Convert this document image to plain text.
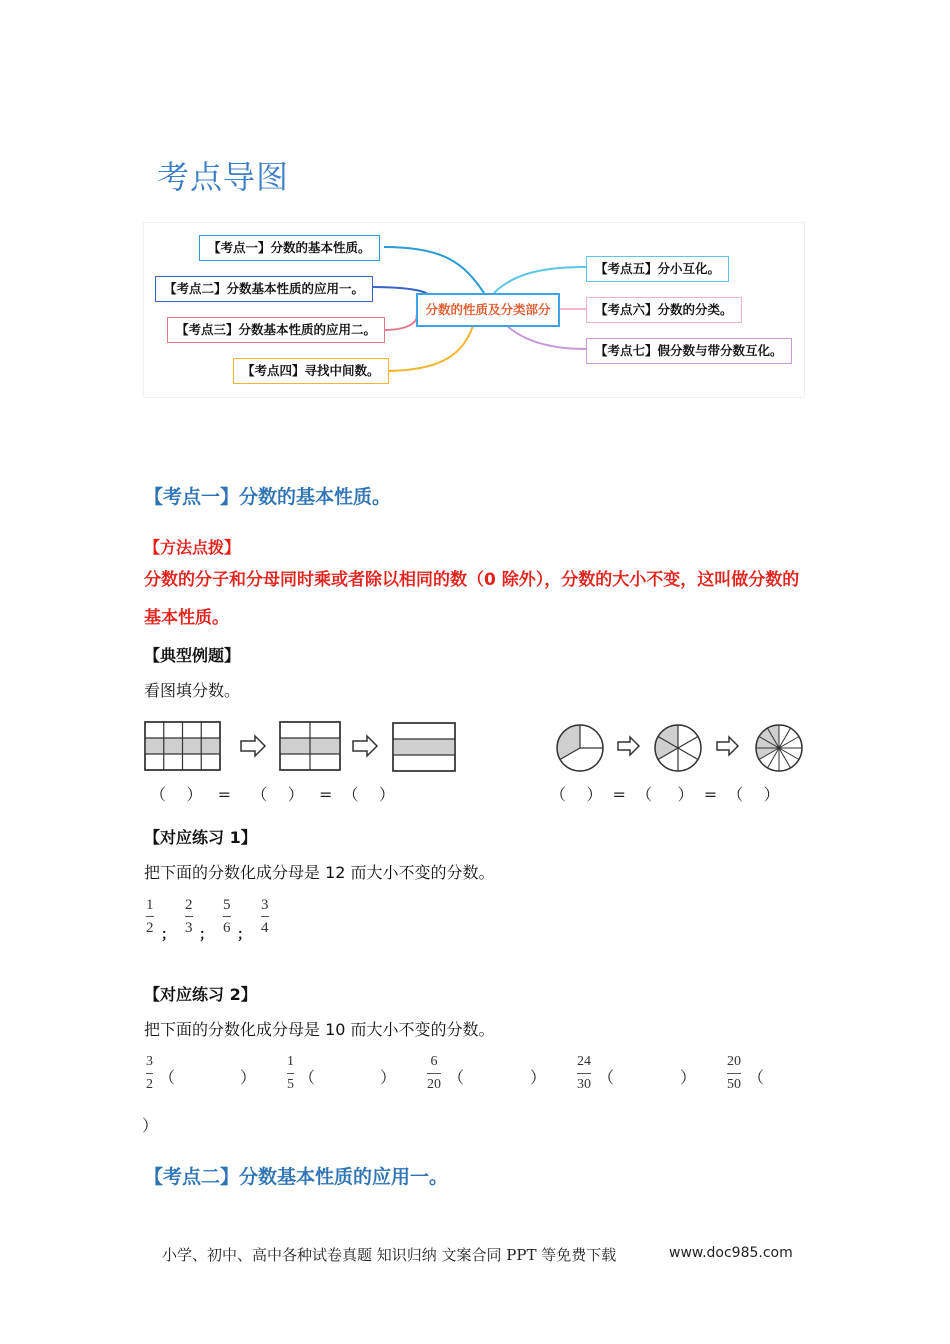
考点导图
【考点一】分数的基本性质。
【考点二】分数基本性质的应用一。
【考点三】分数基本性质的应用二。
【考点四】寻找中间数。
分数的性质及分类部分
【考点五】分小互化。
【考点六】分数的分类。
【考点七】假分数与带分数互化。
【考点一】分数的基本性质。
【方法点拨】
分数的分子和分母同时乘或者除以相同的数（0 除外），分数的大小不变，这叫做分数的基本性质。
【典型例题】
看图填分数。
（    ）   =    （    ）   =  （    ）	（    ）  =  （     ）  =  （    ）
【对应练习 1】
把下面的分数化成分母是 12 而大小不变的分数。
1
2 ；
2
3 ；
5
6 ；
3
4
【对应练习 2】
把下面的分数化成分母是 10 而大小不变的分数。
3
2 （	）
1
5 （	）
6
20 （	）
24
30 （	）
20
50 （
）
【考点二】分数基本性质的应用一。
小学、初中、高中各种试卷真题 知识归纳 文案合同 PPT 等免费下载	www.doc985.com
